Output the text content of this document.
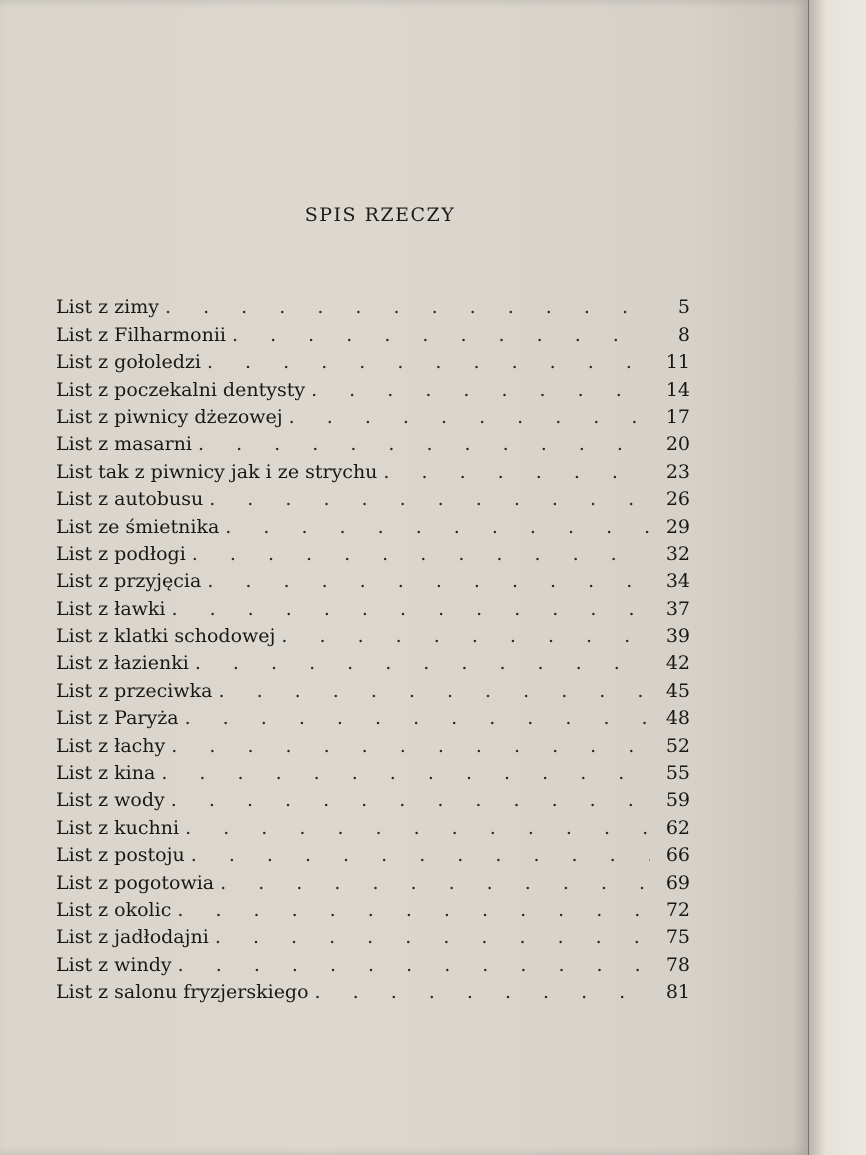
SPIS RZECZY
List z zimy . . .	5
List z Filharmonii . . .	8
List z gołoledzi . . .	11
List z poczekalni dentysty . . .	14
List z piwnicy dżezowej . . .	17
List z masarni . . .	20
List tak z piwnicy jak i ze strychu . . .	23
List z autobusu . . .	26
List ze śmietnika . . .	29
List z podłogi . . .	32
List z przyjęcia . . .	34
List z ławki . . .	37
List z klatki schodowej . . .	39
List z łazienki . . .	42
List z przeciwka . . .	45
List z Paryża . . .	48
List z łachy . . .	52
List z kina . . .	55
List z wody . . .	59
List z kuchni . . .	62
List z postoju . . .	66
List z pogotowia . . .	69
List z okolic . . .	72
List z jadłodajni . . .	75
List z windy . . .	78
List z salonu fryzjerskiego . . .	81
